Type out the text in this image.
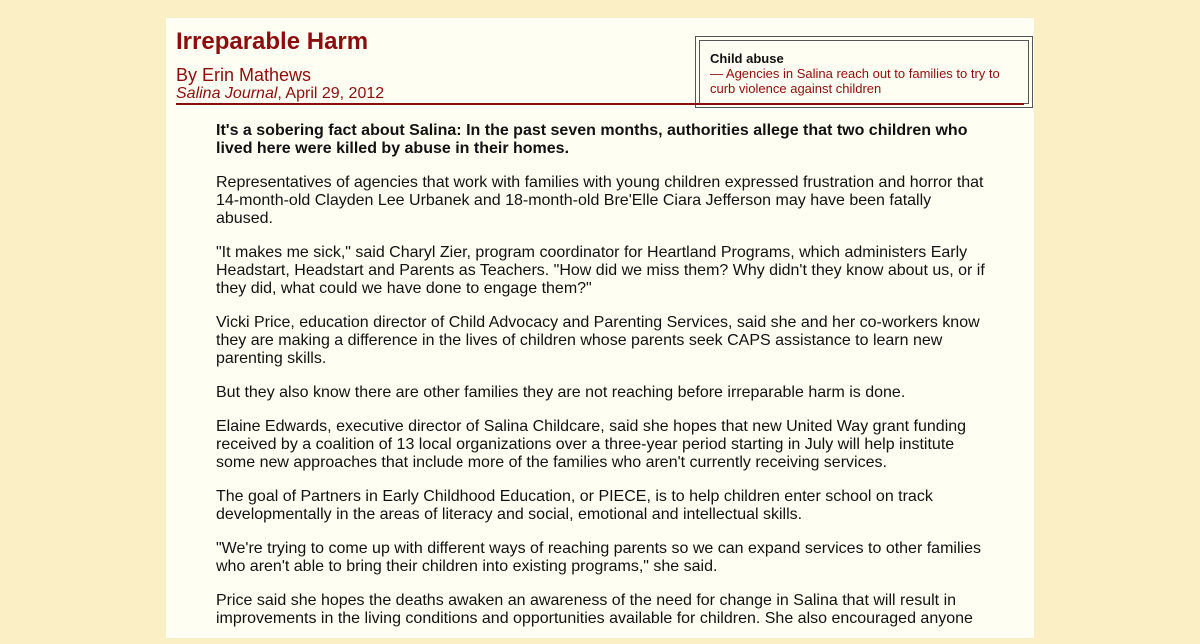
Irreparable Harm
By Erin Mathews
Salina Journal, April 29, 2012
Child abuse
— Agencies in Salina reach out to families to try to curb violence against children

It's a sobering fact about Salina: In the past seven months, authorities allege that two children who lived here were killed by abuse in their homes.

Representatives of agencies that work with families with young children expressed frustration and horror that 14-month-old Clayden Lee Urbanek and 18-month-old Bre'Elle Ciara Jefferson may have been fatally abused.

"It makes me sick," said Charyl Zier, program coordinator for Heartland Programs, which administers Early Headstart, Headstart and Parents as Teachers. "How did we miss them? Why didn't they know about us, or if they did, what could we have done to engage them?"

Vicki Price, education director of Child Advocacy and Parenting Services, said she and her co-workers know they are making a difference in the lives of children whose parents seek CAPS assistance to learn new parenting skills.

But they also know there are other families they are not reaching before irreparable harm is done.

Elaine Edwards, executive director of Salina Childcare, said she hopes that new United Way grant funding received by a coalition of 13 local organizations over a three-year period starting in July will help institute some new approaches that include more of the families who aren't currently receiving services.

The goal of Partners in Early Childhood Education, or PIECE, is to help children enter school on track developmentally in the areas of literacy and social, emotional and intellectual skills.

"We're trying to come up with different ways of reaching parents so we can expand services to other families who aren't able to bring their children into existing programs," she said.

Price said she hopes the deaths awaken an awareness of the need for change in Salina that will result in improvements in the living conditions and opportunities available for children. She also encouraged anyone
